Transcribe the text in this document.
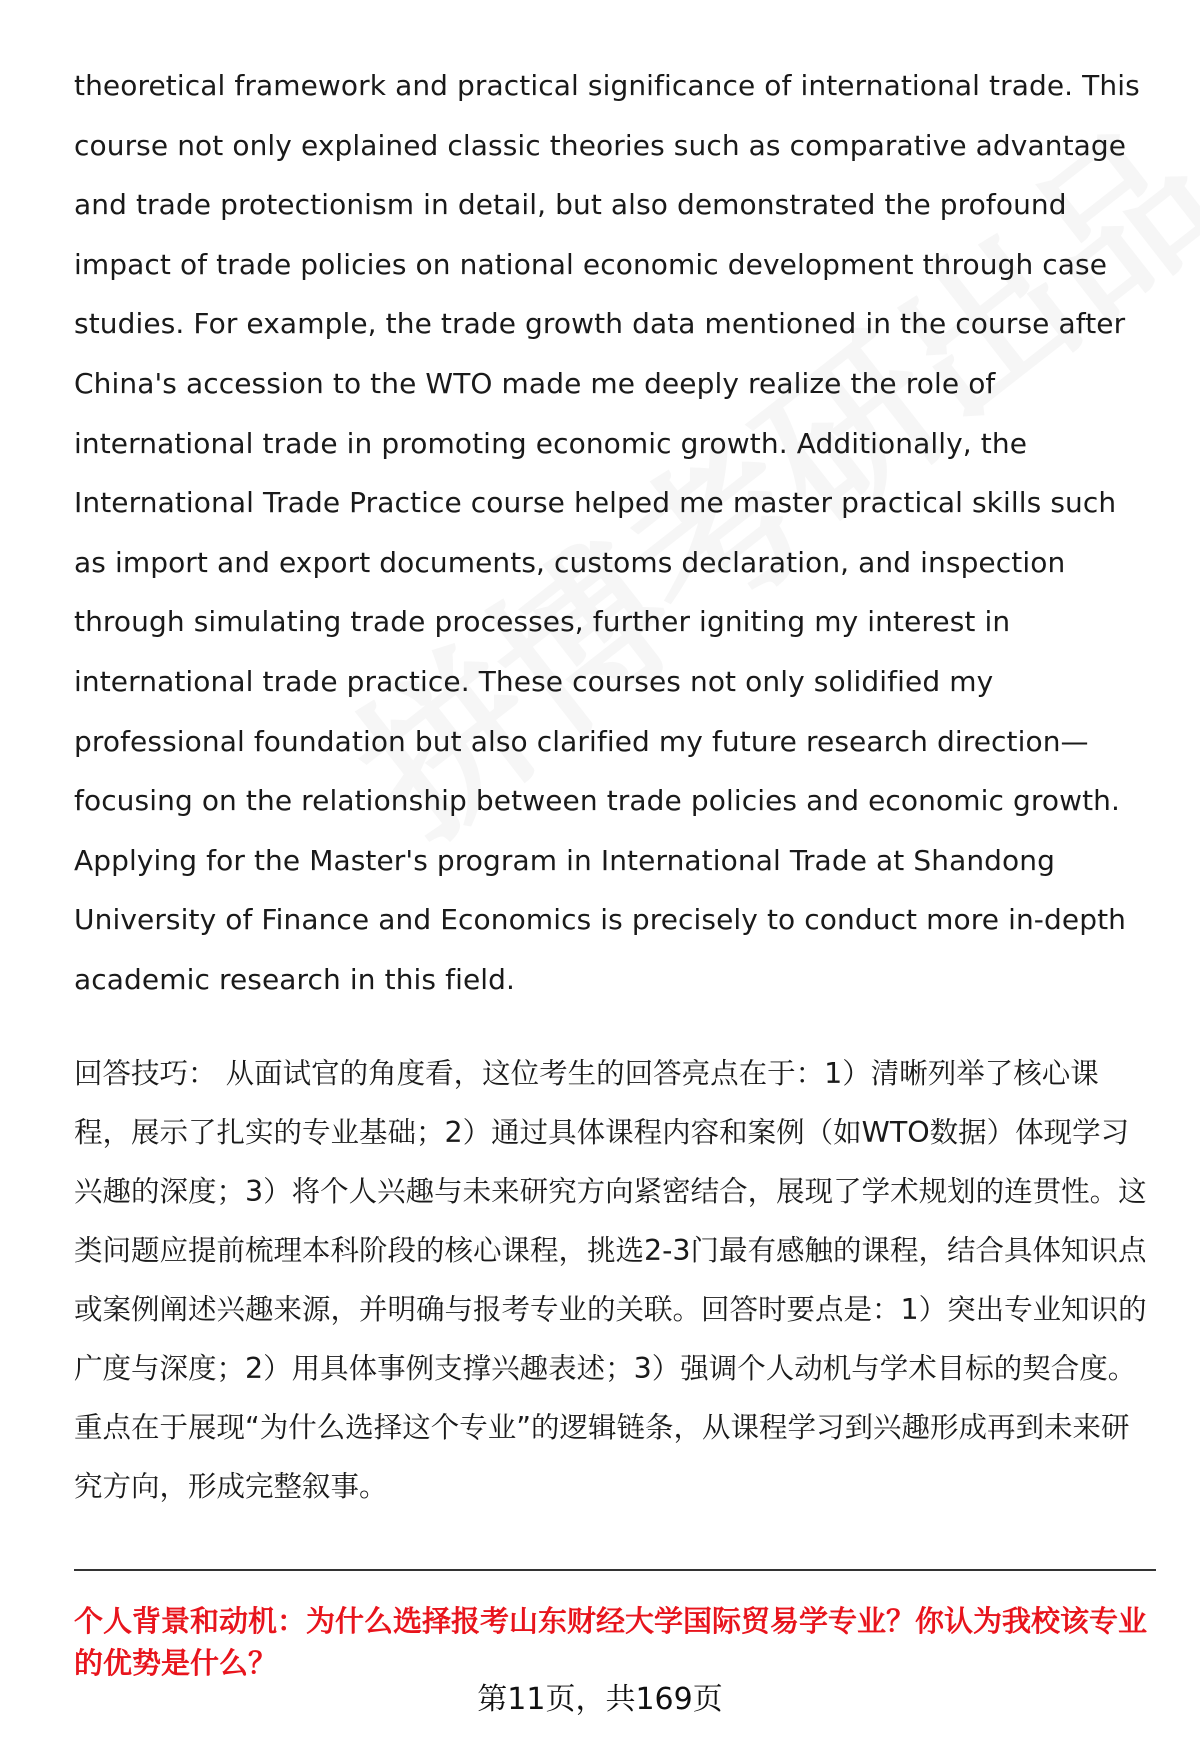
theoretical framework and practical significance of international trade. This course not only explained classic theories such as comparative advantage and trade protectionism in detail, but also demonstrated the profound impact of trade policies on national economic development through case studies. For example, the trade growth data mentioned in the course after China's accession to the WTO made me deeply realize the role of international trade in promoting economic growth. Additionally, the International Trade Practice course helped me master practical skills such as import and export documents, customs declaration, and inspection through simulating trade processes, further igniting my interest in international trade practice. These courses not only solidified my professional foundation but also clarified my future research direction—focusing on the relationship between trade policies and economic growth. Applying for the Master's program in International Trade at Shandong University of Finance and Economics is precisely to conduct more in-depth academic research in this field.

回答技巧： 从面试官的角度看，这位考生的回答亮点在于：1）清晰列举了核心课程，展示了扎实的专业基础；2）通过具体课程内容和案例（如WTO数据）体现学习兴趣的深度；3）将个人兴趣与未来研究方向紧密结合，展现了学术规划的连贯性。这类问题应提前梳理本科阶段的核心课程，挑选2-3门最有感触的课程，结合具体知识点或案例阐述兴趣来源，并明确与报考专业的关联。回答时要点是：1）突出专业知识的广度与深度；2）用具体事例支撑兴趣表述；3）强调个人动机与学术目标的契合度。重点在于展现“为什么选择这个专业”的逻辑链条，从课程学习到兴趣形成再到未来研究方向，形成完整叙事。

个人背景和动机：为什么选择报考山东财经大学国际贸易学专业？你认为我校该专业的优势是什么？

第11页，共169页
